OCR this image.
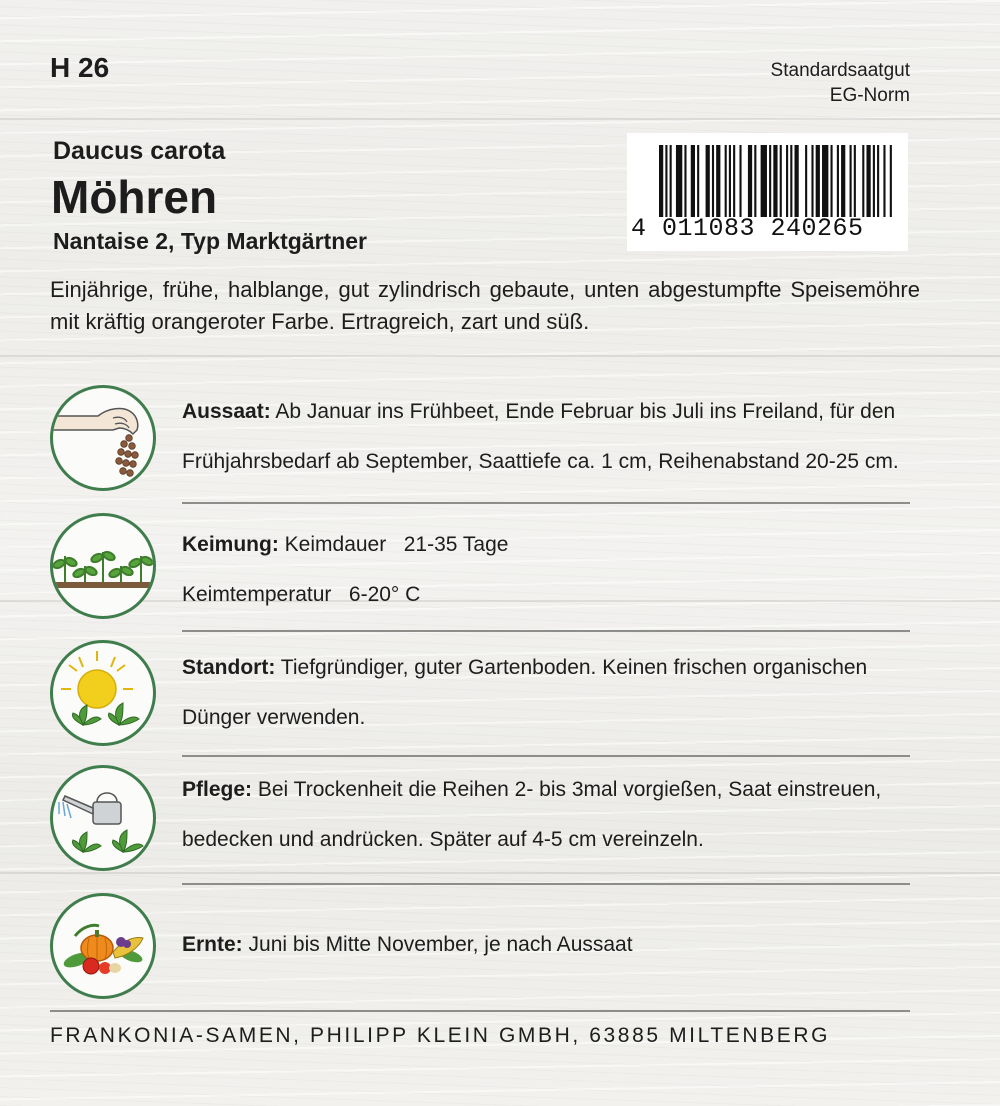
H 26	Standardsaatgut
EG-Norm
Daucus carota
Möhren
Nantaise 2, Typ Marktgärtner	4 011083 240265
Einjährige, frühe, halblange, gut zylindrisch gebaute, unten abgestumpfte Speisemöhre mit kräftig orangeroter Farbe. Ertragreich, zart und süß.
Aussaat: Ab Januar ins Frühbeet, Ende Februar bis Juli ins Freiland, für den
Frühjahrsbedarf ab September, Saattiefe ca. 1 cm, Reihenabstand 20-25 cm.
Keimung: Keimdauer 21-35 Tage
Keimtemperatur 6-20° C
Standort: Tiefgründiger, guter Gartenboden. Keinen frischen organischen
Dünger verwenden.
Pflege: Bei Trockenheit die Reihen 2- bis 3mal vorgießen, Saat einstreuen,
bedecken und andrücken. Später auf 4-5 cm vereinzeln.
Ernte: Juni bis Mitte November, je nach Aussaat
FRANKONIA-SAMEN, PHILIPP KLEIN GMBH, 63885 MILTENBERG
